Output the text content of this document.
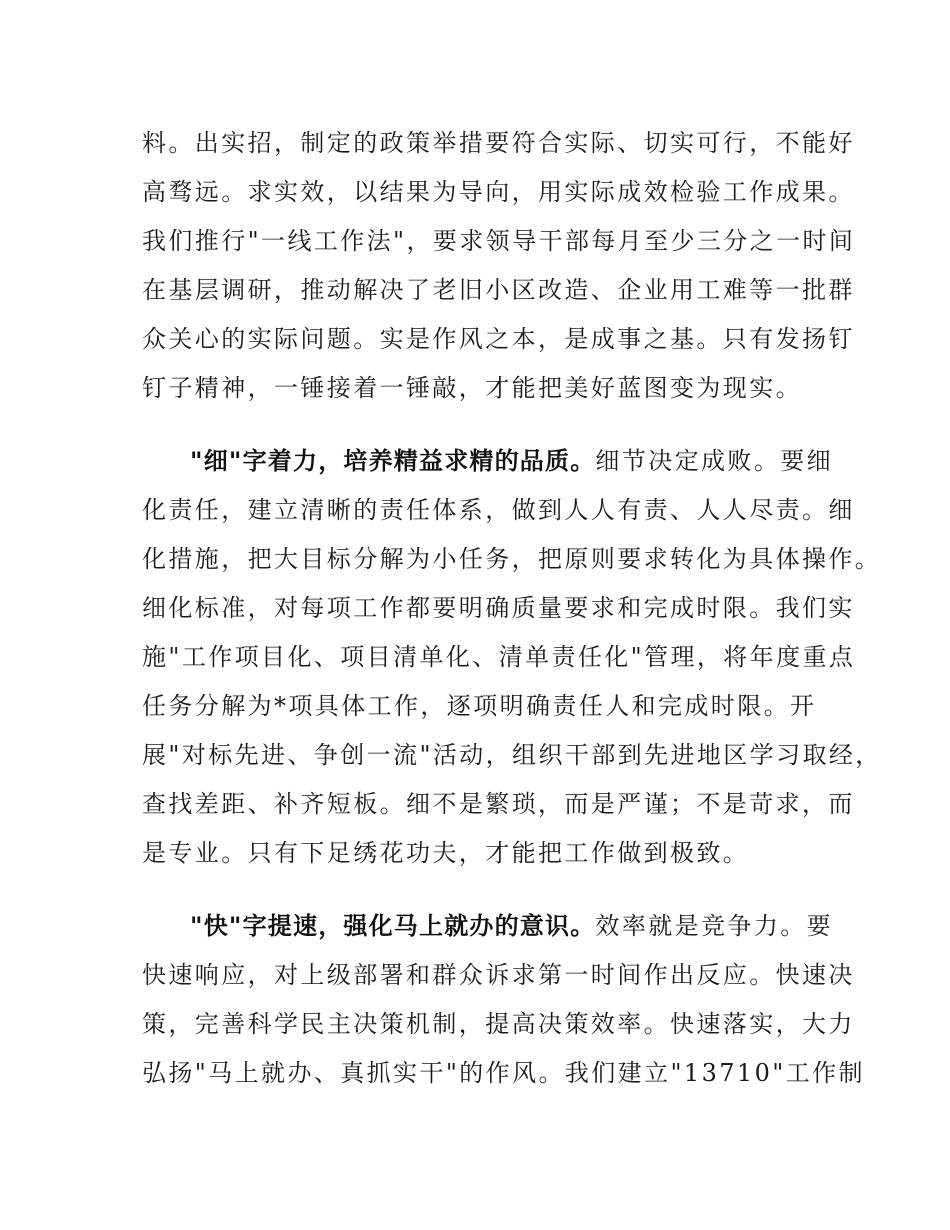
料。出实招，制定的政策举措要符合实际、切实可行，不能好
高骛远。求实效，以结果为导向，用实际成效检验工作成果。
我们推行"一线工作法"，要求领导干部每月至少三分之一时间
在基层调研，推动解决了老旧小区改造、企业用工难等一批群
众关心的实际问题。实是作风之本，是成事之基。只有发扬钉
钉子精神，一锤接着一锤敲，才能把美好蓝图变为现实。
"细"字着力，培养精益求精的品质。细节决定成败。要细
化责任，建立清晰的责任体系，做到人人有责、人人尽责。细
化措施，把大目标分解为小任务，把原则要求转化为具体操作。
细化标准，对每项工作都要明确质量要求和完成时限。我们实
施"工作项目化、项目清单化、清单责任化"管理，将年度重点
任务分解为*项具体工作，逐项明确责任人和完成时限。开
展"对标先进、争创一流"活动，组织干部到先进地区学习取经，
查找差距、补齐短板。细不是繁琐，而是严谨；不是苛求，而
是专业。只有下足绣花功夫，才能把工作做到极致。
"快"字提速，强化马上就办的意识。效率就是竞争力。要
快速响应，对上级部署和群众诉求第一时间作出反应。快速决
策，完善科学民主决策机制，提高决策效率。快速落实，大力
弘扬"马上就办、真抓实干"的作风。我们建立"13710"工作制
